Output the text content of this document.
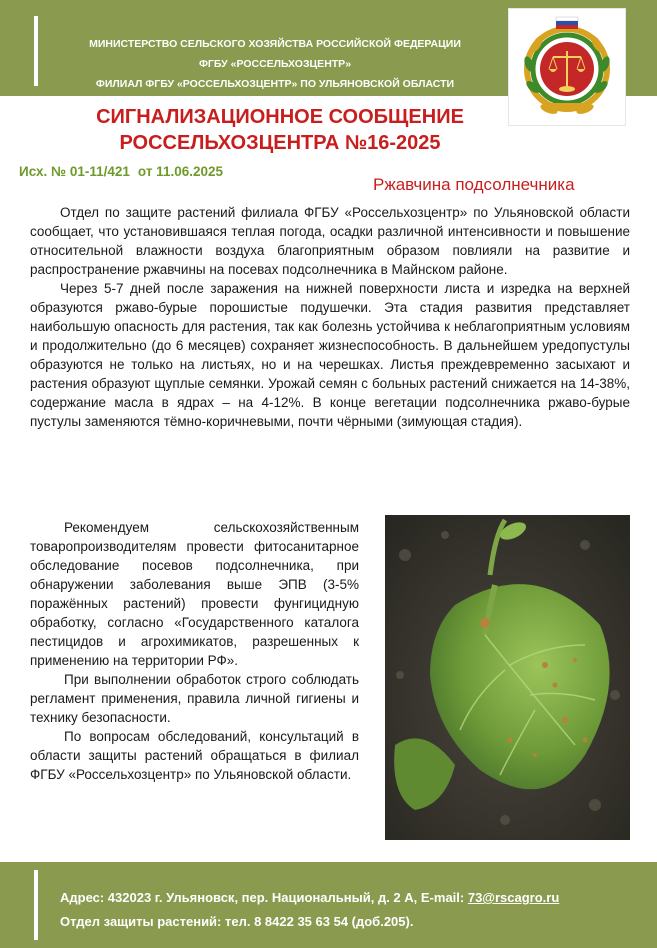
МИНИСТЕРСТВО СЕЛЬСКОГО ХОЗЯЙСТВА РОССИЙСКОЙ ФЕДЕРАЦИИ
ФГБУ «РОССЕЛЬХОЗЦЕНТР»
ФИЛИАЛ ФГБУ «РОССЕЛЬХОЗЦЕНТР» ПО УЛЬЯНОВСКОЙ ОБЛАСТИ
СИГНАЛИЗАЦИОННОЕ СООБЩЕНИЕ
РОССЕЛЬХОЗЦЕНТРА №16-2025
Исх. № 01-11/421 от 11.06.2025
Ржавчина подсолнечника

Отдел по защите растений филиала ФГБУ «Россельхозцентр» по Ульяновской области сообщает, что установившаяся теплая погода, осадки различной интенсивности и повышение относительной влажности воздуха благоприятным образом повлияли на развитие и распространение ржавчины на посевах подсолнечника в Майнском районе.

Через 5-7 дней после заражения на нижней поверхности листа и изредка на верхней образуются ржаво-бурые порошистые подушечки. Эта стадия развития представляет наибольшую опасность для растения, так как болезнь устойчива к неблагоприятным условиям и продолжительно (до 6 месяцев) сохраняет жизнеспособность. В дальнейшем уредопустулы образуются не только на листьях, но и на черешках. Листья преждевременно засыхают и растения образуют щуплые семянки. Урожай семян с больных растений снижается на 14-38%, содержание масла в ядрах – на 4-12%. В конце вегетации подсолнечника ржаво-бурые пустулы заменяются тёмно-коричневыми, почти чёрными (зимующая стадия).

Рекомендуем сельскохозяйственным товаропроизводителям провести фитосанитарное обследование посевов подсолнечника, при обнаружении заболевания выше ЭПВ (3-5% поражённых растений) провести фунгицидную обработку, согласно «Государственного каталога пестицидов и агрохимикатов, разрешенных к применению на территории РФ».

При выполнении обработок строго соблюдать регламент применения, правила личной гигиены и технику безопасности.

По вопросам обследований, консультаций в области защиты растений обращаться в филиал ФГБУ «Россельхозцентр» по Ульяновской области.

Адрес: 432023 г. Ульяновск, пер. Национальный, д. 2 А, E-mail: 73@rscagro.ru
Отдел защиты растений: тел. 8 8422 35 63 54 (доб.205).
